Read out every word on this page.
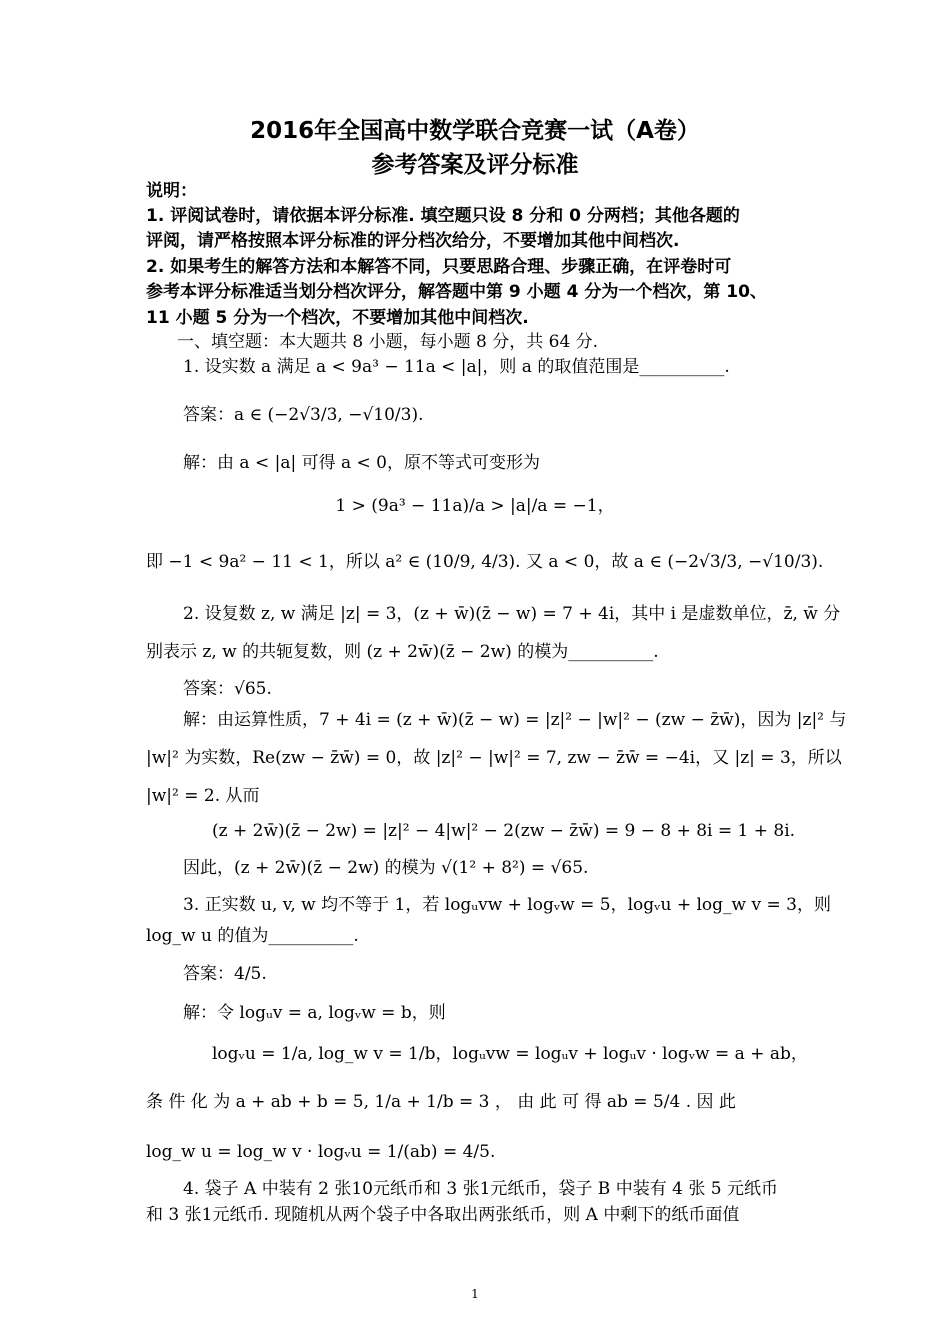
2016年全国高中数学联合竞赛一试（A卷）
参考答案及评分标准
说明：
1. 评阅试卷时，请依据本评分标准. 填空题只设 8 分和 0 分两档；其他各题的
评阅，请严格按照本评分标准的评分档次给分，不要增加其他中间档次.
2. 如果考生的解答方法和本解答不同，只要思路合理、步骤正确，在评卷时可
参考本评分标准适当划分档次评分，解答题中第 9 小题 4 分为一个档次，第 10、
11 小题 5 分为一个档次，不要增加其他中间档次.
一、填空题：本大题共 8 小题，每小题 8 分，共 64 分.
1. 设实数 a 满足 a < 9a³ − 11a < |a|，则 a 的取值范围是__________.
答案：a ∈ (−2√3/3, −√10/3).
解：由 a < |a| 可得 a < 0，原不等式可变形为
1 > (9a³ − 11a)/a > |a|/a = −1，
即 −1 < 9a² − 11 < 1，所以 a² ∈ (10/9, 4/3). 又 a < 0，故 a ∈ (−2√3/3, −√10/3).
2. 设复数 z, w 满足 |z| = 3，(z + w̄)(z̄ − w) = 7 + 4i，其中 i 是虚数单位，z̄, w̄ 分
别表示 z, w 的共轭复数，则 (z + 2w̄)(z̄ − 2w) 的模为__________.
答案：√65.
解：由运算性质，7 + 4i = (z + w̄)(z̄ − w) = |z|² − |w|² − (zw − z̄w̄)，因为 |z|² 与
|w|² 为实数，Re(zw − z̄w̄) = 0，故 |z|² − |w|² = 7, zw − z̄w̄ = −4i，又 |z| = 3，所以
|w|² = 2. 从而
(z + 2w̄)(z̄ − 2w) = |z|² − 4|w|² − 2(zw − z̄w̄) = 9 − 8 + 8i = 1 + 8i.
因此，(z + 2w̄)(z̄ − 2w) 的模为 √(1² + 8²) = √65.
3. 正实数 u, v, w 均不等于 1，若 logᵤvw + logᵥw = 5，logᵥu + log_w v = 3，则
log_w u 的值为__________.
答案：4/5.
解：令 logᵤv = a, logᵥw = b，则
logᵥu = 1/a, log_w v = 1/b，logᵤvw = logᵤv + logᵤv · logᵥw = a + ab，
条 件 化 为 a + ab + b = 5, 1/a + 1/b = 3 ， 由 此 可 得 ab = 5/4 . 因 此
log_w u = log_w v · logᵥu = 1/(ab) = 4/5.
4. 袋子 A 中装有 2 张10元纸币和 3 张1元纸币，袋子 B 中装有 4 张 5 元纸币
和 3 张1元纸币. 现随机从两个袋子中各取出两张纸币，则 A 中剩下的纸币面值
1
